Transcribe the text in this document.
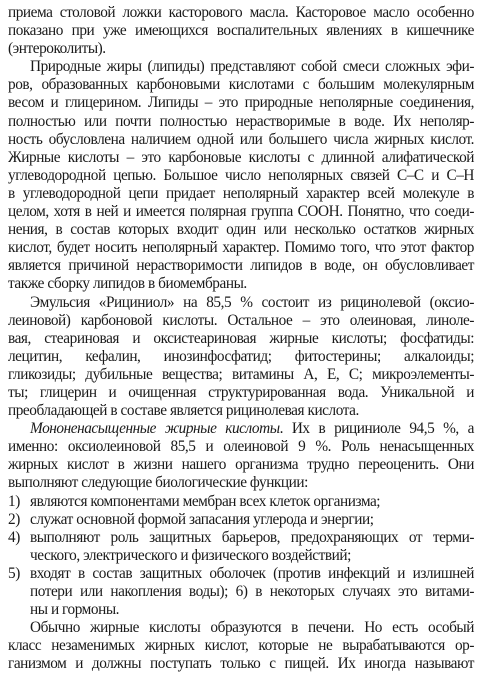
приема столовой ложки касторового масла. Касторовое масло особенно
показано при уже имеющихся воспалительных явлениях в кишечнике
(энтероколиты).
Природные жиры (липиды) представляют собой смеси сложных эфи-
ров, образованных карбоновыми кислотами с большим молекулярным
весом и глицерином. Липиды – это природные неполярные соединения,
полностью или почти полностью нерастворимые в воде. Их неполяр-
ность обусловлена наличием одной или большего числа жирных кислот.
Жирные кислоты – это карбоновые кислоты с длинной алифатической
углеводородной цепью. Большое число неполярных связей С–С и С–Н
в углеводородной цепи придает неполярный характер всей молекуле в
целом, хотя в ней и имеется полярная группа СООН. Понятно, что соеди-
нения, в состав которых входит один или несколько остатков жирных
кислот, будет носить неполярный характер. Помимо того, что этот фактор
является причиной нерастворимости липидов в воде, он обусловливает
также сборку липидов в биомембраны.
Эмульсия «Рициниол» на 85,5 % состоит из рицинолевой (оксиo-
леиновой) карбоновой кислоты. Остальное – это олеиновая, линоле-
вая, стеариновая и оксистеариновая жирные кислоты; фосфатиды:
лецитин, кефалин, инозинфосфатид; фитостерины; алкалоиды;
гликозиды; дубильные вещества; витамины А, Е, С; микроэлементы-
ты; глицерин и очищенная структурированная вода. Уникальной и
преобладающей в составе является рицинолевая кислота.
Мононенасыщенные жирные кислоты. Их в рициниоле 94,5 %, а
именно: оксиолеиновой 85,5 и олеиновой 9 %. Роль ненасыщенных
жирных кислот в жизни нашего организма трудно переоценить. Они
выполняют следующие биологические функции:
1) являются компонентами мембран всех клеток организма;
2) служат основной формой запасания углерода и энергии;
4) выполняют роль защитных барьеров, предохраняющих от терми-
ческого, электрического и физического воздействий;
5) входят в состав защитных оболочек (против инфекций и излишней
потери или накопления воды); 6) в некоторых случаях это витами-
ны и гормоны.
Обычно жирные кислоты образуются в печени. Но есть особый
класс незаменимых жирных кислот, которые не вырабатываются ор-
ганизмом и должны поступать только с пищей. Их иногда называют
